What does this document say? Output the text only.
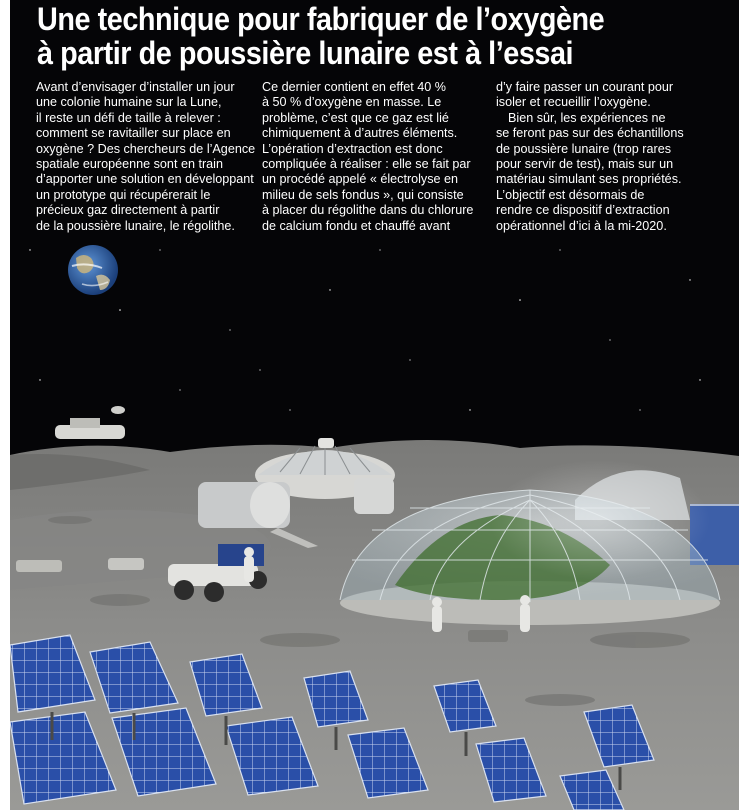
Une technique pour fabriquer de l’oxygène
à partir de poussière lunaire est à l’essai
Avant d’envisager d’installer un jour
une colonie humaine sur la Lune,
il reste un défi de taille à relever :
comment se ravitailler sur place en
oxygène ? Des chercheurs de l’Agence
spatiale européenne sont en train
d’apporter une solution en développant
un prototype qui récupérerait le
précieux gaz directement à partir
de la poussière lunaire, le régolithe.
Ce dernier contient en effet 40 %
à 50 % d’oxygène en masse. Le
problème, c’est que ce gaz est lié
chimiquement à d’autres éléments.
L’opération d’extraction est donc
compliquée à réaliser : elle se fait par
un procédé appelé « électrolyse en
milieu de sels fondus », qui consiste
à placer du régolithe dans du chlorure
de calcium fondu et chauffé avant
d’y faire passer un courant pour
isoler et recueillir l’oxygène.
Bien sûr, les expériences ne
se feront pas sur des échantillons
de poussière lunaire (trop rares
pour servir de test), mais sur un
matériau simulant ses propriétés.
L’objectif est désormais de
rendre ce dispositif d’extraction
opérationnel d’ici à la mi-2020.
